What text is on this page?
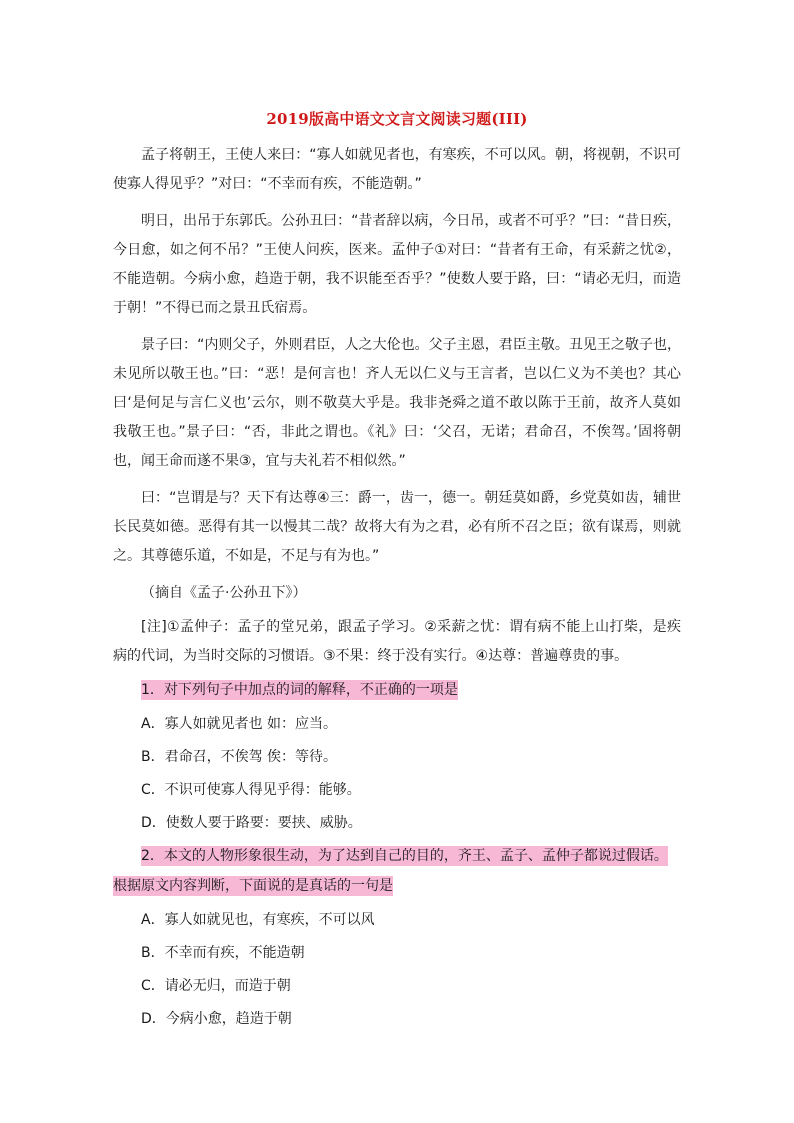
2019版高中语文文言文阅读习题(III)

孟子将朝王，王使人来曰：“寡人如就见者也，有寒疾，不可以风。朝，将视朝，不识可使寡人得见乎？”对曰：“不幸而有疾，不能造朝。”

明日，出吊于东郭氏。公孙丑曰：“昔者辞以病，今日吊，或者不可乎？”曰：“昔日疾，今日愈，如之何不吊？”王使人问疾，医来。孟仲子①对曰：“昔者有王命，有采薪之忧②，不能造朝。今病小愈，趋造于朝，我不识能至否乎？”使数人要于路，曰：“请必无归，而造于朝！”不得已而之景丑氏宿焉。

景子曰：“内则父子，外则君臣，人之大伦也。父子主恩，君臣主敬。丑见王之敬子也，未见所以敬王也。”曰：“恶！是何言也！齐人无以仁义与王言者，岂以仁义为不美也？其心曰‘是何足与言仁义也’云尔，则不敬莫大乎是。我非尧舜之道不敢以陈于王前，故齐人莫如我敬王也。”景子曰：“否，非此之谓也。《礼》曰：‘父召，无诺；君命召，不俟驾。’固将朝也，闻王命而遂不果③，宜与夫礼若不相似然。”

曰：“岂谓是与？天下有达尊④三：爵一，齿一，德一。朝廷莫如爵，乡党莫如齿，辅世长民莫如德。恶得有其一以慢其二哉？故将大有为之君，必有所不召之臣；欲有谋焉，则就之。其尊德乐道，不如是，不足与有为也。”

（摘自《孟子·公孙丑下》）

[注]①孟仲子：孟子的堂兄弟，跟孟子学习。②采薪之忧：谓有病不能上山打柴，是疾病的代词，为当时交际的习惯语。③不果：终于没有实行。④达尊：普遍尊贵的事。

1．对下列句子中加点的词的解释，不正确的一项是

A．寡人如就见者也 如：应当。

B．君命召，不俟驾 俟：等待。

C．不识可使寡人得见乎得：能够。

D．使数人要于路要：要挟、威胁。

2．本文的人物形象很生动，为了达到自己的目的，齐王、孟子、孟仲子都说过假话。根据原文内容判断，下面说的是真话的一句是

A．寡人如就见也，有寒疾，不可以风

B．不幸而有疾，不能造朝

C．请必无归，而造于朝

D．今病小愈，趋造于朝
